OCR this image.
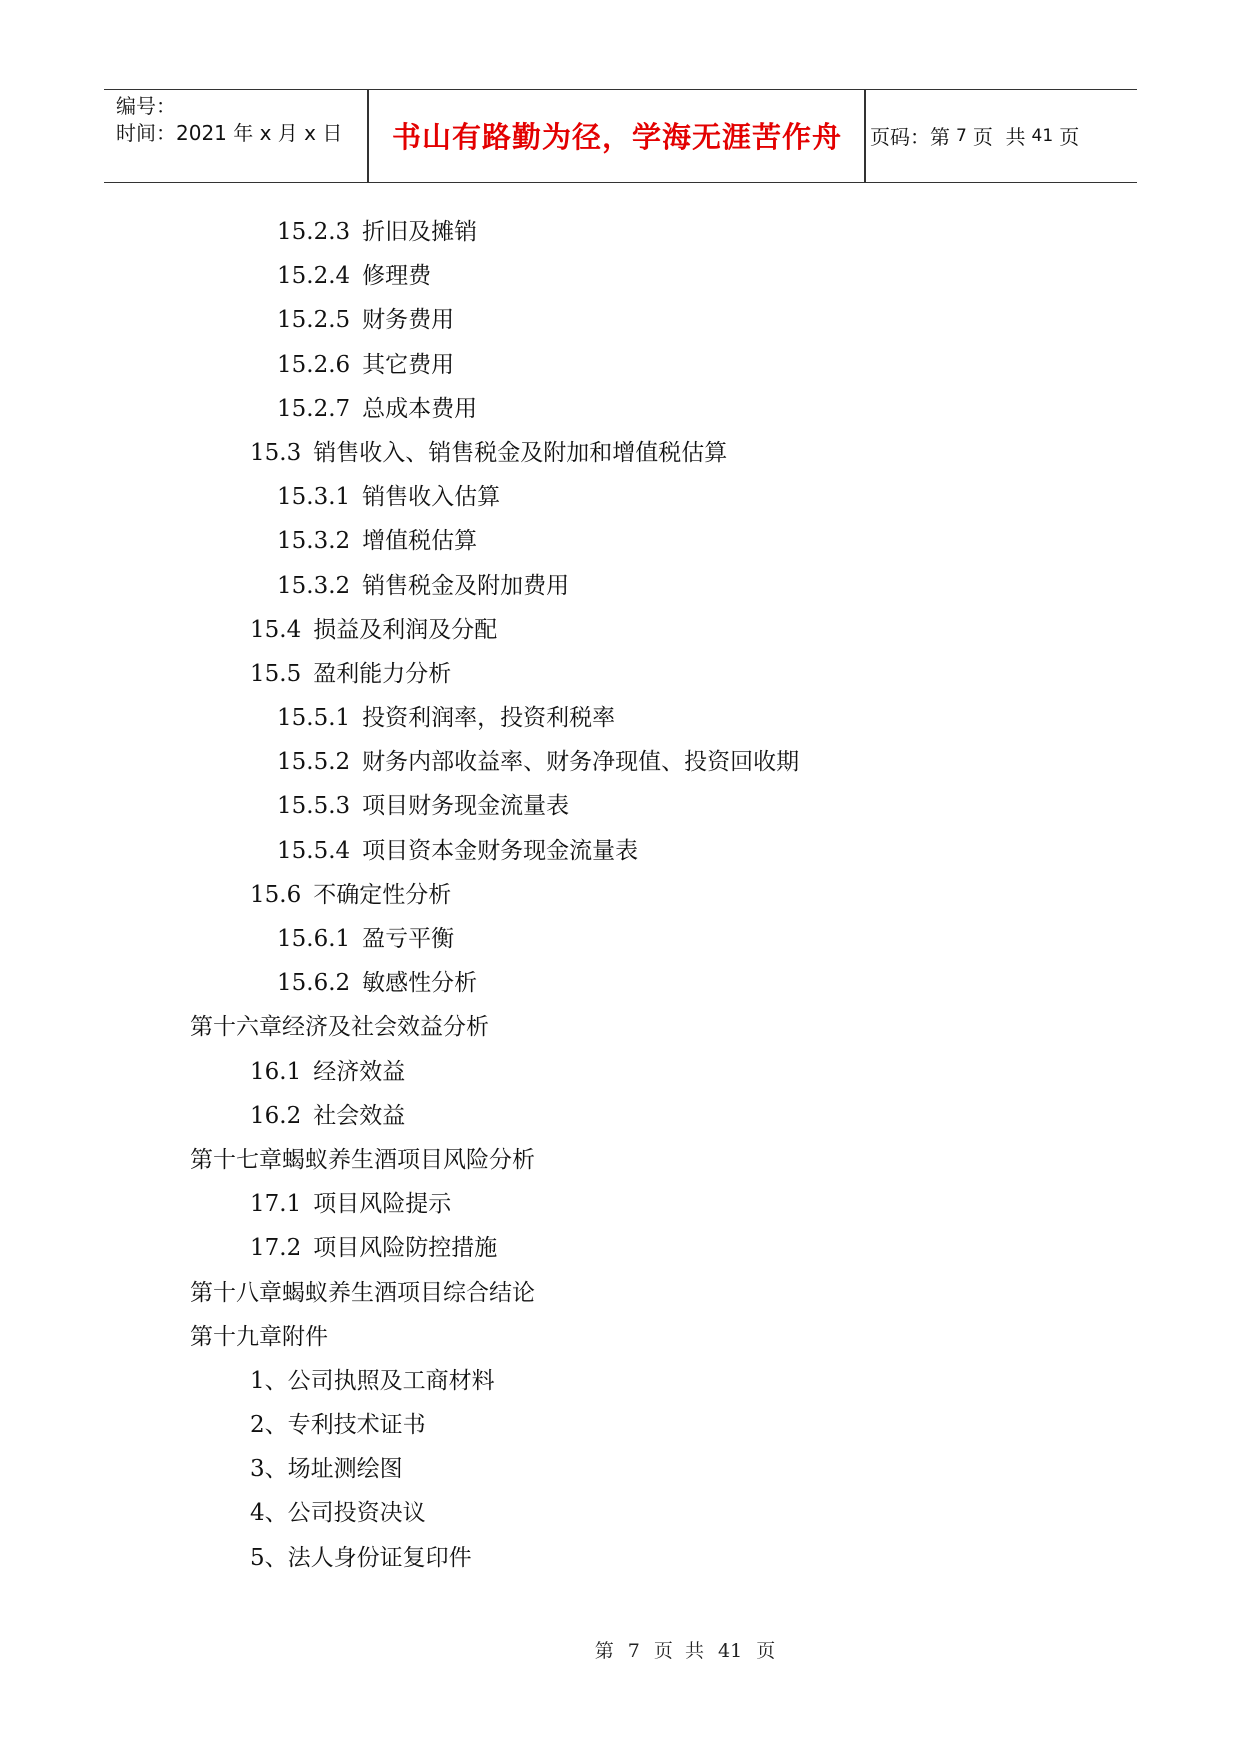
编号：
时间：2021 年 x 月 x 日	书山有路勤为径，学海无涯苦作舟	页码：第 7 页  共 41 页
15.2.3 折旧及摊销
15.2.4 修理费
15.2.5 财务费用
15.2.6 其它费用
15.2.7 总成本费用
15.3 销售收入、销售税金及附加和增值税估算
15.3.1 销售收入估算
15.3.2 增值税估算
15.3.2 销售税金及附加费用
15.4 损益及利润及分配
15.5 盈利能力分析
15.5.1 投资利润率，投资利税率
15.5.2 财务内部收益率、财务净现值、投资回收期
15.5.3 项目财务现金流量表
15.5.4 项目资本金财务现金流量表
15.6 不确定性分析
15.6.1 盈亏平衡
15.6.2 敏感性分析
第十六章经济及社会效益分析
16.1 经济效益
16.2 社会效益
第十七章蝎蚁养生酒项目风险分析
17.1 项目风险提示
17.2 项目风险防控措施
第十八章蝎蚁养生酒项目综合结论
第十九章附件
1、公司执照及工商材料
2、专利技术证书
3、场址测绘图
4、公司投资决议
5、法人身份证复印件
第 7 页  共 41 页
